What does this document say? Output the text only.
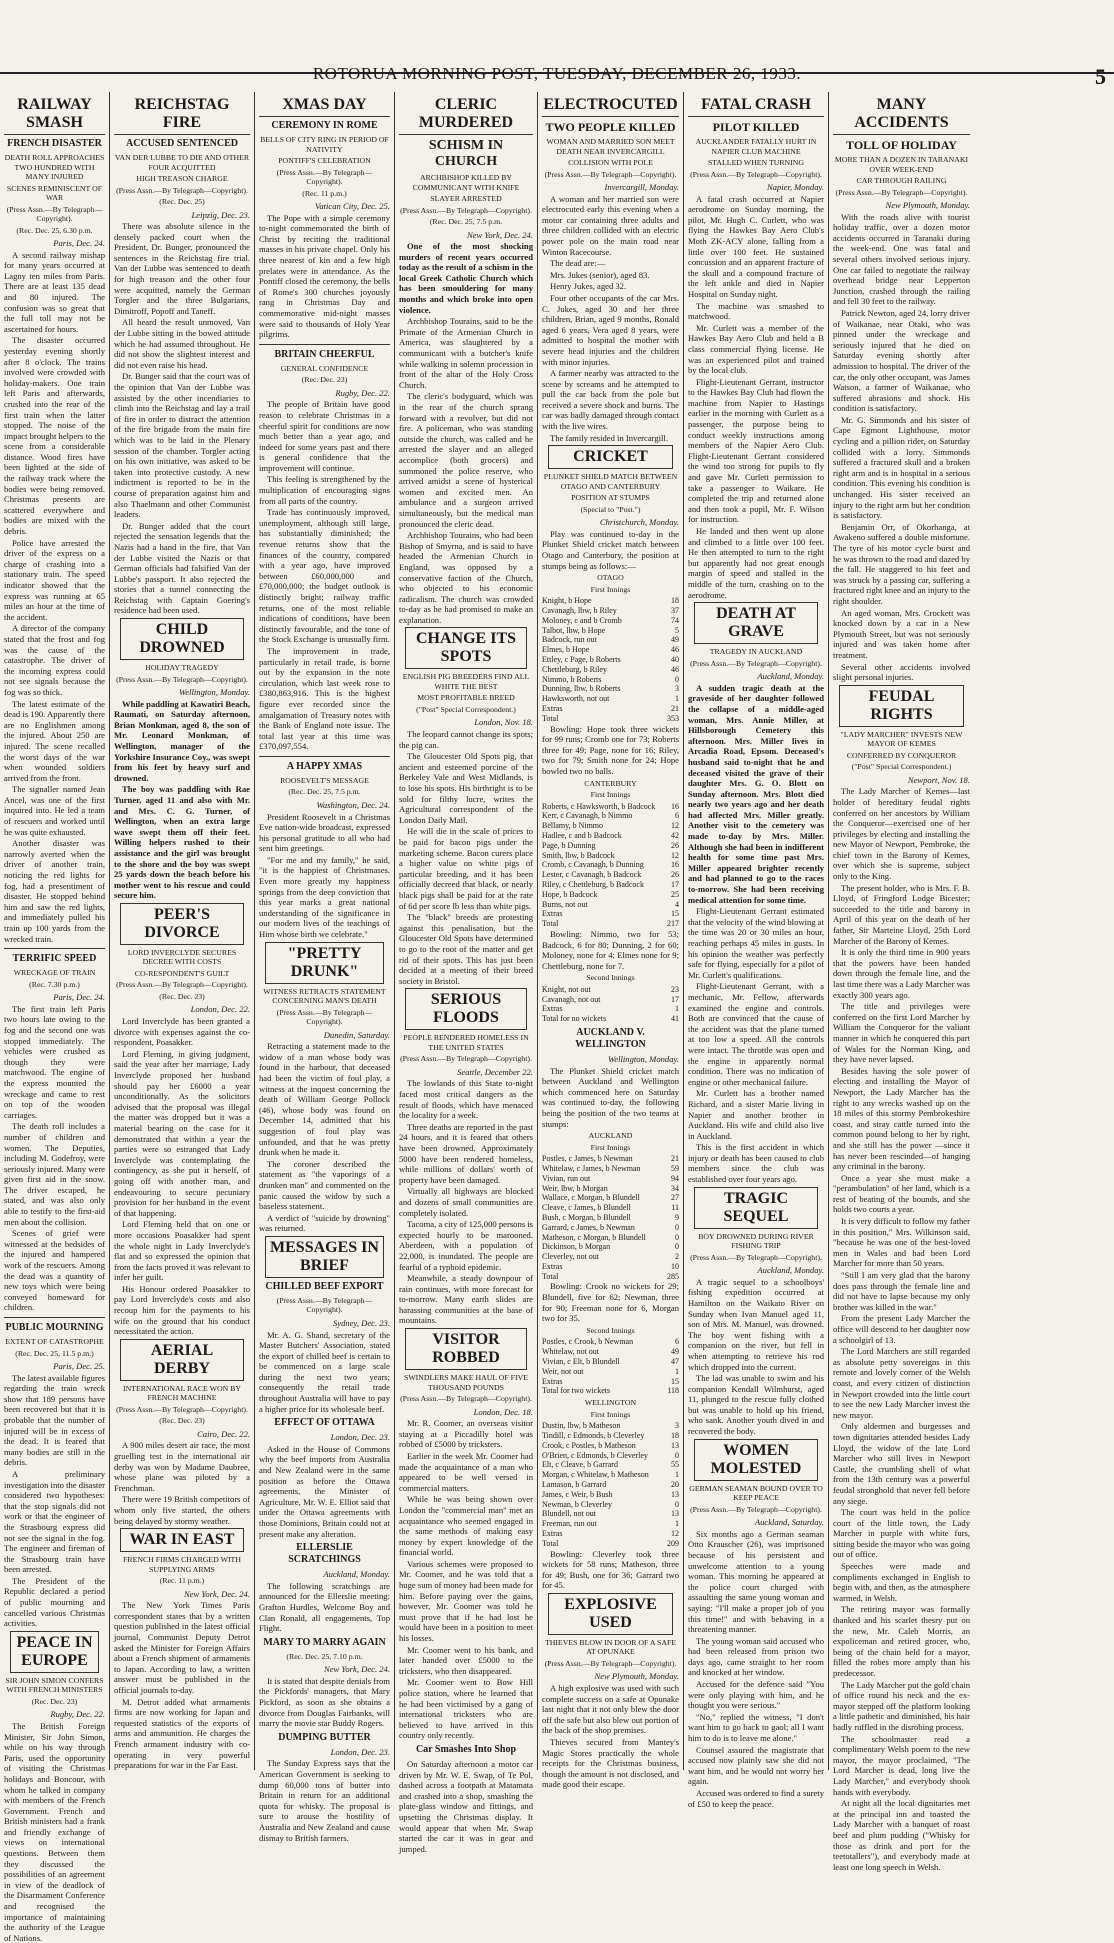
ROTORUA MORNING POST, TUESDAY, DECEMBER 26, 1933.	5
RAILWAY SMASH
FRENCH DISASTER
DEATH ROLL APPROACHES TWO HUNDRED WITH MANY INJURED
SCENES REMINISCENT OF WAR
(Press Assn.—By Telegraph—Copyright).
(Rec. Dec. 25, 6.30 p.m.
Paris, Dec. 24.

A second railway mishap for many years occurred at Lagny ten miles from Paris. There are at least 135 dead and 80 injured. The confusion was so great that the full toll may not be ascertained for hours.

The disaster occurred yesterday evening shortly after 8 o'clock. The trains involved were crowded with holiday-makers. One train left Paris and afterwards, crushed into the rear of the first train when the latter stopped. The noise of the impact brought helpers to the scene from a considerable distance. Wood fires have been lighted at the side of the railway track where the bodies were being removed. Christmas presents are scattered everywhere and bodies are mixed with the debris.

Police have arrested the driver of the express on a charge of crashing into a stationary train. The speed indicator showed that the express was running at 65 miles an hour at the time of the accident.

A director of the company stated that the frost and fog was the cause of the catastrophe. The driver of the incoming express could not see signals because the fog was so thick.

The latest estimate of the dead is 190. Apparently there are no Englishmen among the injured. About 250 are injured. The scene recalled the worst days of the war when wounded soldiers arrived from the front.

The signaller named Jean Ancel, was one of the first inquired into. He led a team of rescuers and worked until he was quite exhausted.

Another disaster was narrowly averted when the driver of another train, noticing the red lights for fog, had a presentiment of disaster. He stopped behind him and saw the red lights, and immediately pulled his train up 100 yards from the wrecked train.

TERRIFIC SPEED
WRECKAGE OF TRAIN
(Rec. 7.30 p.m.)
Paris, Dec. 24.

The first train left Paris two hours late owing to the fog and the second one was stopped immediately. The vehicles were crushed as though they were matchwood. The engine of the express mounted the wreckage and came to rest on top of the wooden carriages.

The death roll includes a number of children and women. The Deputies, including M. Godefroy, were seriously injured. Many were given first aid in the snow. The driver escaped, he stated, and was also only able to testify to the first-aid men about the collision.

Scenes of grief were witnessed at the bedsides of the injured and hampered work of the rescuers. Among the dead was a quantity of new toys which were being conveyed homeward for children.

PUBLIC MOURNING
EXTENT OF CATASTROPHE
(Rec. Dec. 25, 11.5 p.m.)
Paris, Dec. 25.

The latest available figures regarding the train wreck show that 189 persons have been recovered but that it is probable that the number of injured will be in excess of the dead. It is feared that many bodies are still in the debris.

A preliminary investigation into the disaster considered two hypotheses: that the stop signals did not work or that the engineer of the Strasbourg express did not see the signal in the fog. The engineer and fireman of the Strasbourg train have been arrested.

The President of the Republic declared a period of public mourning and cancelled various Christmas activities.

PEACE IN EUROPE
SIR JOHN SIMON CONFERS WITH FRENCH MINISTERS
(Rec. Dec. 23)
Rugby, Dec. 22.

The British Foreign Minister, Sir John Simon, while on his way through Paris, used the opportunity of visiting the Christmas holidays and Boncour, with whom he talked in company with members of the French Government. French and British ministers had a frank and friendly exchange of views on international questions. Between them they discussed the possibilities of an agreement in view of the deadlock of the Disarmament Conference and recognised the importance of maintaining the authority of the League of Nations.

REICHSTAG FIRE
ACCUSED SENTENCED
VAN DER LUBBE TO DIE AND OTHER FOUR ACQUITTED
HIGH TREASON CHARGE
(Press Assn.—By Telegraph—Copyright).
(Rec. Dec. 25)
Leipzig, Dec. 23.

There was absolute silence in the densely packed court when the President, Dr. Bunger, pronounced the sentences in the Reichstag fire trial. Van der Lubbe was sentenced to death for high treason and the other four were acquitted, namely the German Torgler and the three Bulgarians, Dimitroff, Popoff and Taneff.

All heard the result unmoved, Van der Lubbe sitting in the bowed attitude which he had assumed throughout. He did not show the slightest interest and did not even raise his head.

Dr. Bunger said that the court was of the opinion that Van der Lubbe was assisted by the other incendiaries to climb into the Reichstag and lay a trail of fire in order to distract the attention of the fire brigade from the main fire which was to be laid in the Plenary session of the chamber. Torgler acting on his own initiative, was asked to be taken into protective custody. A new indictment is reported to be in the course of preparation against him and also Thaelmann and other Communist leaders.

Dr. Bunger added that the court rejected the sensation legends that the Nazis had a hand in the fire, that Van der Lubbe visited the Nazis or that German officials had falsified Van der Lubbe's passport. It also rejected the stories that a tunnel connecting the Reichstag with Captain Goering's residence had been used.

CHILD DROWNED
HOLIDAY TRAGEDY
(Press Assn.—By Telegraph—Copyright).
Wellington, Monday.

While paddling at Kawatiri Beach, Raumati, on Saturday afternoon, Brian Monkman, aged 8, the son of Mr. Leonard Monkman, of Wellington, manager of the Yorkshire Insurance Coy., was swept from his feet by heavy surf and drowned.

The boy was paddling with Rae Turner, aged 11 and also with Mr. and Mrs. C. G. Turner, of Wellington, when an extra large wave swept them off their feet. Willing helpers rushed to their assistance and the girl was brought to the shore and the boy was swept 25 yards down the beach before his mother went to his rescue and could secure him.

PEER'S DIVORCE
LORD INVERCLYDE SECURES DECREE WITH COSTS
CO-RESPONDENT'S GUILT
(Press Assn.—By Telegraph—Copyright).
(Rec. Dec. 23)
London, Dec. 22.

Lord Inverclyde has been granted a divorce with expenses against the co-respondent, Poasakker.

Lord Fleming, in giving judgment, said the year after her marriage, Lady Inverclyde proposed her husband should pay her £6000 a year unconditionally. As the solicitors advised that the proposal was illegal the matter was dropped but it was a material bearing on the case for it demonstrated that within a year the parties were so estranged that Lady Inverclyde was contemplating the contingency, as she put it herself, of going off with another man, and endeavouring to secure pecuniary provision for her husband in the event of that happening.

Lord Fleming held that on one or more occasions Poasakker had spent the whole night in Lady Inverclyde's flat and so expressed the opinion that from the facts proved it was relevant to infer her guilt.

His Honour ordered Poasakker to pay Lord Inverclyde's costs and also recoup him for the payments to his wife on the ground that his conduct necessitated the action.

AERIAL DERBY
INTERNATIONAL RACE WON BY FRENCH MACHINE
(Press Assn.—By Telegraph—Copyright).
(Rec. Dec. 23)
Cairo, Dec. 22.

A 900 miles desert air race, the most gruelling test in the international air derby was won by Madame Daubree, whose plane was piloted by a Frenchman.

There were 19 British competitors of whom only five started, the others being delayed by stormy weather.

WAR IN EAST
FRENCH FIRMS CHARGED WITH SUPPLYING ARMS
(Rec. 11 p.m.)
New York, Dec. 24.

The New York Times Paris correspondent states that by a written question published in the latest official journal, Communist Deputy Detrot asked the Minister for Foreign Affairs about a French shipment of armaments to Japan. According to law, a written answer must be published in the official journals to-day.

M. Detrot added what armaments firms are now working for Japan and requested statistics of the exports of arms and ammunition. He charges the French armament industry with co-operating in very powerful preparations for war in the Far East.

XMAS DAY
CEREMONY IN ROME
BELLS OF CITY RING IN PERIOD OF NATIVITY
PONTIFF'S CELEBRATION
(Press Assn.—By Telegraph—Copyright).
(Rec. 11 p.m.)
Vatican City, Dec. 25.

The Pope with a simple ceremony to-night commemorated the birth of Christ by reciting the traditional masses in his private chapel. Only his three nearest of kin and a few high prelates were in attendance. As the Pontiff closed the ceremony, the bells of Rome's 300 churches joyously rang in Christmas Day and commemorative mid-night masses were said to thousands of Holy Year pilgrims.

BRITAIN CHEERFUL
GENERAL CONFIDENCE
(Rec. Dec. 23)
Rugby, Dec. 22.

The people of Britain have good reason to celebrate Christmas in a cheerful spirit for conditions are now much better than a year ago, and indeed for some years past and there is general confidence that the improvement will continue.

This feeling is strengthened by the multiplication of encouraging signs from all parts of the country.

Trade has continuously improved, unemployment, although still large, has substantially diminished; the revenue returns show that the finances of the country, compared with a year ago, have improved between £60,000,000 and £70,000,000; the budget outlook is distinctly bright; railway traffic returns, one of the most reliable indications of conditions, have been distinctly favourable, and the tone of the Stock Exchange is unusually firm.

The improvement in trade, particularly in retail trade, is borne out by the expansion in the note circulation, which last week rose to £380,863,916. This is the highest figure ever recorded since the amalgamation of Treasury notes with the Bank of England note issue. The total last year at this time was £370,097,554.

A HAPPY XMAS
ROOSEVELT'S MESSAGE
(Rec. Dec. 25, 7.5 p.m.
Washington, Dec. 24.

President Roosevelt in a Christmas Eve nation-wide broadcast, expressed his personal gratitude to all who had sent him greetings.

"For me and my family," he said, "it is the happiest of Christmases. Even more greatly my happiness springs from the deep conviction that this year marks a great national understanding of the significance in our modern lives of the teachings of Him whose birth we celebrate."

"PRETTY DRUNK"
WITNESS RETRACTS STATEMENT CONCERNING MAN'S DEATH
(Press Assn.—By Telegraph—Copyright).
Dunedin, Saturday.

Retracting a statement made to the widow of a man whose body was found in the harbour, that deceased had been the victim of foul play, a witness at the inquest concerning the death of William George Pollock (46), whose body was found on December 14, admitted that his suggestion of foul play was unfounded, and that he was pretty drunk when he made it.

The coroner described the statement as "the vaporings of a drunken man" and commented on the panic caused the widow by such a baseless statement.

A verdict of "suicide by drowning" was returned.

MESSAGES IN BRIEF
CHILLED BEEF EXPORT
(Press Assn.—By Telegraph—Copyright).
Sydney, Dec. 23.

Mr. A. G. Shand, secretary of the Master Butchers' Association, stated the export of chilled beef is certain to be commenced on a large scale during the next two years; consequently the retail trade throughout Australia will have to pay a higher price for its wholesale beef.

EFFECT OF OTTAWA
London, Dec. 23.

Asked in the House of Commons why the beef imports from Australia and New Zealand were in the same position as before the Ottawa agreements, the Minister of Agriculture, Mr. W. E. Elliot said that under the Ottawa agreements with those Dominions, Britain could not at present make any alteration.

ELLERSLIE SCRATCHINGS
Auckland, Monday.

The following scratchings are announced for the Ellerslie meeting: Grafton Hurdles, Welcome Boy and Clan Ronald, all engagements, Top Flight.

MARY TO MARRY AGAIN
(Rec. Dec. 25, 7.10 p.m.
New York, Dec. 24.

It is stated that despite denials from the Pickfords' managers, that Mary Pickford, as soon as she obtains a divorce from Douglas Fairbanks, will marry the movie star Buddy Rogers.

DUMPING BUTTER
London, Dec. 23.

The Sunday Express says that the American Government is seeking to dump 60,000 tons of butter into Britain in return for an additional quota for whisky. The proposal is sure to arouse the hostility of Australia and New Zealand and cause dismay to British farmers.

CLERIC MURDERED
SCHISM IN CHURCH
ARCHBISHOP KILLED BY COMMUNICANT WITH KNIFE
SLAYER ARRESTED
(Press Assn.—By Telegraph—Copyright).
(Rec. Dec. 25, 7.5 p.m.
New York, Dec. 24.

One of the most shocking murders of recent years occurred today as the result of a schism in the local Greek Catholic Church which has been smouldering for many months and which broke into open violence.

Archbishop Tourains, said to be the Primate of the Armenian Church in America, was slaughtered by a communicant with a butcher's knife while walking in solemn procession in front of the altar of the Holy Cross Church.

The cleric's bodyguard, which was in the rear of the church sprang forward with a revolver, but did not fire. A policeman, who was standing outside the church, was called and he arrested the slayer and an alleged accomplice (both grocers) and summoned the police reserve, who arrived amidst a scene of hysterical women and excited men. An ambulance and a surgeon arrived simultaneously, but the medical man pronounced the cleric dead.

Archbishop Tourains, who had been Bishop of Smyrna, and is said to have headed the Armenian Church in England, was opposed by a conservative faction of the Church, who objected to his economic radicalism. The church was crowded to-day as he had promised to make an explanation.

CHANGE ITS SPOTS
ENGLISH PIG BREEDERS FIND ALL WHITE THE BEST
MOST PROFITABLE BREED
("Post" Special Correspondent.)
London, Nov. 18.

The leopard cannot change its spots; the pig can.

The Gloucester Old Spots pig, that ancient and esteemed porcine of the Berkeley Vale and West Midlands, is to lose his spots. His birthright is to be sold for filthy lucre, writes the Agricultural correspondent of the London Daily Mail.

He will die in the scale of prices to be paid for bacon pigs under the marketing scheme. Bacon curers place a higher value on white pigs of particular breeding, and it has been officially decreed that black, or nearly black pigs shall be paid for at the rate of 6d per score lb less than white pigs.

The "black" breeds are protesting against this penalisation, but the Gloucester Old Spots have determined to go to the root of the matter and get rid of their spots. This has just been decided at a meeting of their breed society in Bristol.

SERIOUS FLOODS
PEOPLE RENDERED HOMELESS IN THE UNITED STATES
(Press Assn.—By Telegraph—Copyright).
Seattle, December 22.

The lowlands of this State to-night faced most critical dangers as the result of floods, which have menaced the locality for a week.

Three deaths are reported in the past 24 hours, and it is feared that others have been drowned. Approximately 5000 have been rendered homeless, while millions of dollars' worth of property have been damaged.

Virtually all highways are blocked and dozens of small communities are completely isolated.

Tacoma, a city of 125,000 persons is expected hourly to be marooned. Aberdeen, with a population of 22,000, is inundated. The people are fearful of a typhoid epidemic.

Meanwhile, a steady downpour of rain continues, with more forecast for to-morrow. Many earth slides are harassing communities at the base of mountains.

VISITOR ROBBED
SWINDLERS MAKE HAUL OF FIVE THOUSAND POUNDS
(Press Assn.—By Telegraph—Copyright).
London, Dec. 18.

Mr. R. Coomer, an overseas visitor staying at a Piccadilly hotel was robbed of £5000 by tricksters.

Earlier in the week Mr. Coomer had made the acquaintance of a man who appeared to be well versed in commercial matters.

While he was being shown over London the "commercial man" met an acquaintance who seemed engaged in the same methods of making easy money by expert knowledge of the financial world.

Various schemes were proposed to Mr. Coomer, and he was told that a huge sum of money had been made for him. Before paying over the gains, however, Mr. Coomer was told he must prove that if he had lost he would have been in a position to meet his losses.

Mr. Coomer went to his bank, and later handed over £5000 to the tricksters, who then disappeared.

Mr. Coomer went to Bow Hill police station, where he learned that he had been victimised by a gang of international tricksters who are believed to have arrived in this country only recently.

Car Smashes Into Shop

On Saturday afternoon a motor car driven by Mr. W. E. Swap, of Te Pol, dashed across a footpath at Matamata and crashed into a shop, smashing the plate-glass window and fittings, and upsetting the Christmas display. It would appear that when Mr. Swap started the car it was in gear and jumped.

ELECTROCUTED
TWO PEOPLE KILLED
WOMAN AND MARRIED SON MEET DEATH NEAR INVERCARGILL
COLLISION WITH POLE
(Press Assn.—By Telegraph—Copyright).
Invercargill, Monday.

A woman and her married son were electrocuted early this evening when a motor car containing three adults and three children collided with an electric power pole on the main road near Winton Racecourse.

The dead are:—

Mrs. Jukes (senior), aged 83.

Henry Jukes, aged 32.

Four other occupants of the car Mrs. C. Jukes, aged 30 and her three children, Brian, aged 9 months, Ronald aged 6 years, Vera aged 8 years, were admitted to hospital the mother with severe head injuries and the children with minor injuries.

A farmer nearby was attracted to the scene by screams and he attempted to pull the car back from the pole but received a severe shock and burns. The car was badly damaged through contact with the live wires.

The family resided in Invercargill.

CRICKET
PLUNKET SHIELD MATCH BETWEEN OTAGO AND CANTERBURY
POSITION AT STUMPS
(Special to "Post.")
Christchurch, Monday.

Play was continued to-day in the Plunket Shield cricket match between Otago and Canterbury, the position at stumps being as follows:—

OTAGO
First Innings
Knight, b Hope	18
Cavanagh, lbw, b Riley	37
Moloney, c and b Cromb	74
Talbot, lbw, b Hope	5
Badcock, run out	49
Elmes, b Hope	46
Ettley, c Page, b Roberts	40
Chettleburg, b Riley	46
Nimmo, b Roberts	0
Dunning, lbw, b Roberts	3
Hawksworth, not out	1
Extras	21
Total	353

Bowling: Hope took three wickets for 99 runs; Cromb one for 73; Roberts three for 49; Page, none for 16; Riley, two for 79; Smith none for 24; Hope bowled two no balls.

CANTERBURY
First Innings
Roberts, c Hawksworth, b Badcock	16
Kerr, c Cavanagh, b Nimmo	6
Bellamy, b Nimmo	12
Hadlee, c and b Badcock	42
Page, b Dunning	26
Smith, lbw, b Badcock	12
Cromb, c Cavanagh, b Dunning	16
Lester, c Cavanagh, b Badcock	26
Riley, c Chettleburg, b Badcock	17
Hope, b Badcock	25
Burns, not out	4
Extras	15
Total	217

Bowling: Nimmo, two for 53; Badcock, 6 for 80; Dunning, 2 for 60; Moloney, none for 4; Elmes none for 9; Chettleburg, none for 7.

Second Innings
Knight, not out	23
Cavanagh, not out	17
Extras	1
Total for no wickets	41
AUCKLAND V. WELLINGTON
Wellington, Monday.

The Plunket Shield cricket match between Auckland and Wellington which commenced here on Saturday was continued to-day, the following being the position of the two teams at stumps:

AUCKLAND
First Innings
Postles, c James, b Newman	21
Whitelaw, c James, b Newman	59
Vivian, run out	94
Weir, lbw, b Morgan	34
Wallace, c Morgan, b Blundell	27
Cleave, c James, b Blundell	11
Bush, c Morgan, b Blundell	9
Garrard, c James, b Newman	0
Matheson, c Morgan, b Blundell	0
Dickinson, b Morgan	0
Cleverley, not out	2
Extras	10
Total	285

Bowling: Crook no wickets for 29; Blundell, five for 62; Newman, three for 90; Freeman none for 6, Morgan two for 35.

Second Innings
Postles, c Crook, b Newman	6
Whitelaw, not out	49
Vivian, c Elt, b Blundell	47
Weir, not out	1
Extras	15
Total for two wickets	118
WELLINGTON
First Innings
Dustin, lbw, b Matheson	3
Tindill, c Edmonds, b Cleverley	18
Crook, c Postles, b Matheson	13
O'Brien, c Edmonds, b Cleverley	0
Elt, c Cleave, b Garrard	55
Morgan, c Whitelaw, b Matheson	1
Lamason, b Garrard	20
James, c Weir, b Bush	13
Newman, b Cleverley	0
Blundell, not out	13
Freeman, run out	1
Extras	12
Total	209

Bowling: Cleverley took three wickets for 58 runs; Matheson, three for 49; Bush, one for 36; Garrard two for 45.

EXPLOSIVE USED
THIEVES BLOW IN DOOR OF A SAFE AT OPUNAKE
(Press Assn.—By Telegraph—Copyright).
New Plymouth, Monday.

A high explosive was used with such complete success on a safe at Opunake last night that it not only blew the door off the safe but also blew out portion of the back of the shop premises.

Thieves secured from Mantey's Magic Stores practically the whole receipts for the Christmas business, though the amount is not disclosed, and made good their escape.

FATAL CRASH
PILOT KILLED
AUCKLANDER FATALLY HURT IN NAPIER CLUB MACHINE
STALLED WHEN TURNING
(Press Assn.—By Telegraph—Copyright).
Napier, Monday.

A fatal crash occurred at Napier aerodrome on Sunday morning, the pilot, Mr. Hugh C. Curlett, who was flying the Hawkes Bay Aero Club's Moth ZK-ACY alone, falling from a little over 100 feet. He sustained concussion and an apparent fracture of the skull and a compound fracture of the left ankle and died in Napier Hospital on Sunday night.

The machine was smashed to matchwood.

Mr. Curlett was a member of the Hawkes Bay Aero Club and held a B class commercial flying license. He was an experienced pilot and trained by the local club.

Flight-Lieutenant Gerrant, instructor to the Hawkes Bay Club had flown the machine from Napier to Hastings earlier in the morning with Curlett as a passenger, the purpose being to conduct weekly instructions among members of the Napier Aero Club. Flight-Lieutenant Gerrant considered the wind too strong for pupils to fly and gave Mr. Curlett permission to take a passenger to Waikare. He completed the trip and returned alone and then took a pupil, Mr. F. Wilson for instruction.

He landed and then went up alone and climbed to a little over 100 feet. He then attempted to turn to the right but apparently had not great enough margin of speed and stalled in the middle of the turn, crashing on to the aerodrome.

DEATH AT GRAVE
TRAGEDY IN AUCKLAND
(Press Assn.—By Telegraph—Copyright).
Auckland, Monday.

A sudden tragic death at the graveside of her daughter followed the collapse of a middle-aged woman, Mrs. Annie Miller, at Hillsborough Cemetery this afternoon. Mrs. Miller lives in Arcadia Road, Epsom. Deceased's husband said to-night that he and deceased visited the grave of their daughter Mrs. G. O. Blott on Sunday afternoon. Mrs. Blott died nearly two years ago and her death had affected Mrs. Miller greatly. Another visit to the cemetery was made to-day by Mrs. Miller. Although she had been in indifferent health for some time past Mrs. Miller appeared brighter recently and had planned to go to the races to-morrow. She had been receiving medical attention for some time.

Flight-Lieutenant Gerrant estimated that the velocity of the wind blowing at the time was 20 or 30 miles an hour, reaching perhaps 45 miles in gusts. In his opinion the weather was perfectly safe for flying, especially for a pilot of Mr. Curlett's qualifications.

Flight-Lieutenant Gerrant, with a mechanic, Mr. Fellow, afterwards examined the engine and controls. Both are convinced that the cause of the accident was that the plane turned at too low a speed. All the controls were intact. The throttle was open and the engine in apparently normal condition. There was no indication of engine or other mechanical failure.

Mr. Curlett has a brother named Richard, and a sister Marie living in Napier and another brother in Auckland. His wife and child also live in Auckland.

This is the first accident in which injury or death has been caused to club members since the club was established over four years ago.

TRAGIC SEQUEL
BOY DROWNED DURING RIVER FISHING TRIP
(Press Assn.—By Telegraph—Copyright).
Auckland, Monday.

A tragic sequel to a schoolboys' fishing expedition occurred at Hamilton on the Waikato River on Sunday when Ivan Manuel aged 11, son of Mrs. M. Manuel, was drowned. The boy went fishing with a companion on the river, but fell in when attempting to retrieve his rod which dropped into the current.

The lad was unable to swim and his companion Kendall Wilmhurst, aged 11, plunged to the rescue fully clothed but was unable to hold up his friend, who sank. Another youth dived in and recovered the body.

WOMEN MOLESTED
GERMAN SEAMAN BOUND OVER TO KEEP PEACE
(Press Assn.—By Telegraph—Copyright).
Auckland, Saturday.

Six months ago a German seaman Otto Krauscher (26), was imprisoned because of his persistent and unwelcome attention to a young woman. This morning he appeared at the police court charged with assaulting the same young woman and saying: "I'll make a proper job of you this time!" and with behaving in a threatening manner.

The young woman said accused who had been released from prison two days ago, came straight to her room and knocked at her window.

Accused for the defence said "You were only playing with him, and he thought you were serious."

"No," replied the witness, "I don't want him to go back to gaol; all I want him to do is to leave me alone."

Counsel assured the magistrate that accused now plainly saw she did not want him, and he would not worry her again.

Accused was ordered to find a surety of £50 to keep the peace.

MANY ACCIDENTS
TOLL OF HOLIDAY
MORE THAN A DOZEN IN TARANAKI OVER WEEK-END
CAR THROUGH RAILING
(Press Assn.—By Telegraph—Copyright).
New Plymouth, Monday.

With the roads alive with tourist holiday traffic, over a dozen motor accidents occurred in Taranaki during the week-end. One was fatal and several others involved serious injury. One car failed to negotiate the railway overhead bridge near Lepperton Junction, crashed through the railing and fell 30 feet to the railway.

Patrick Newton, aged 24, lorry driver of Waikanae, near Otaki, who was pinned under the wreckage and seriously injured that he died on Saturday evening shortly after admission to hospital. The driver of the car, the only other occupant, was James Watson, a farmer of Waikanae, who suffered abrasions and shock. His condition is satisfactory.

Mr. G. Simmonds and his sister of Cape Egmont Lighthouse, motor cycling and a pillion rider, on Saturday collided with a lorry. Simmonds suffered a fractured skull and a broken right arm and is in hospital in a serious condition. This evening his condition is unchanged. His sister received an injury to the right arm but her condition is satisfactory.

Benjamin Orr, of Okorhanga, at Awakeno suffered a double misfortune. The tyre of his motor cycle burst and he was thrown to the road and dazed by the fall. He staggered to his feet and was struck by a passing car, suffering a fractured right knee and an injury to the right shoulder.

An aged woman, Mrs. Crockett was knocked down by a car in a New Plymouth Street, but was not seriously injured and was taken home after treatment.

Several other accidents involved slight personal injuries.

FEUDAL RIGHTS
"LADY MARCHER" INVESTS NEW MAYOR OF KEMES
CONFERRED BY CONQUEROR
("Post" Special Correspondent.)
Newport, Nov. 18.

The Lady Marcher of Kemes—last holder of hereditary feudal rights conferred on her ancestors by William the Conqueror—exercised one of her privileges by electing and installing the new Mayor of Newport, Pembroke, the chief town in the Barony of Kemes, over which she is supreme, subject only to the King.

The present holder, who is Mrs. F. B. Lloyd, of Fringford Lodge Bicester; succeeded to the title and barony in April of this year on the death of her father, Sir Marteine Lloyd, 25th Lord Marcher of the Barony of Kemes.

It is only the third time in 900 years that the powers have been handed down through the female line, and the last time there was a Lady Marcher was exactly 300 years ago.

The title and privileges were conferred on the first Lord Marcher by William the Conqueror for the valiant manner in which he conquered this part of Wales for the Norman King, and they have never lapsed.

Besides having the sole power of electing and installing the Mayor of Newport, the Lady Marcher has the right to any wrecks washed up on the 18 miles of this stormy Pembrokeshire coast, and stray cattle turned into the common pound belong to her by right, and she still has the power —since it has never been rescinded—of hanging any criminal in the barony.

Once a year she must make a "perambulation" of her land, which is a rest of beating of the bounds, and she holds two courts a year.

It is very difficult to follow my father in this position," Mrs. Wilkinson said, "because he was one of the best-loved men in Wales and had been Lord Marcher for more than 50 years.

"Still I am very glad that the barony does pass through the female line and did not have to lapse because my only brother was killed in the war."

From the present Lady Marcher the office will descend to her daughter now a schoolgirl of 13.

The Lord Marchers are still regarded as absolute petty sovereigns in this remote and lovely corner of the Welsh coast, and every citizen of distinction in Newport crowded into the little court to see the new Lady Marcher invest the new mayor.

Only aldermen and burgesses and town dignitaries attended besides Lady Lloyd, the widow of the late Lord Marcher who still lives in Newport Castle, the crumbling shell of what from the 13th century was a powerful feudal stronghold that never fell before any siege.

The court was held in the police court of the little town, the Lady Marcher in purple with white furs, sitting beside the mayor who was going out of office.

Speeches were made and compliments exchanged in English to begin with, and then, as the atmosphere warmed, in Welsh.

The retiring mayor was formally thanked and his scarlet thesry put on the new, Mr. Caleb Morris, an expoliceman and retired grocer, who, being of the chain held for a mayor, filled the robes more amply than his predecessor.

The Lady Marcher put the gold chain of office round his neck and the ex-mayor stepped off the platform looking a little pathetic and diminished, his hair badly ruffled in the disrobing process.

The schoolmaster read a complimentary Welsh poem to the new mayor, the mayor proclaimed, "The Lord Marcher is dead, long live the Lady Marcher," and everybody shook hands with everybody.

At night all the local dignitaries met at the principal inn and toasted the Lady Marcher with a banquet of roast beef and plum pudding ("Whisky for those as drink and port for the teetotallers"), and everybody made at least one long speech in Welsh.
